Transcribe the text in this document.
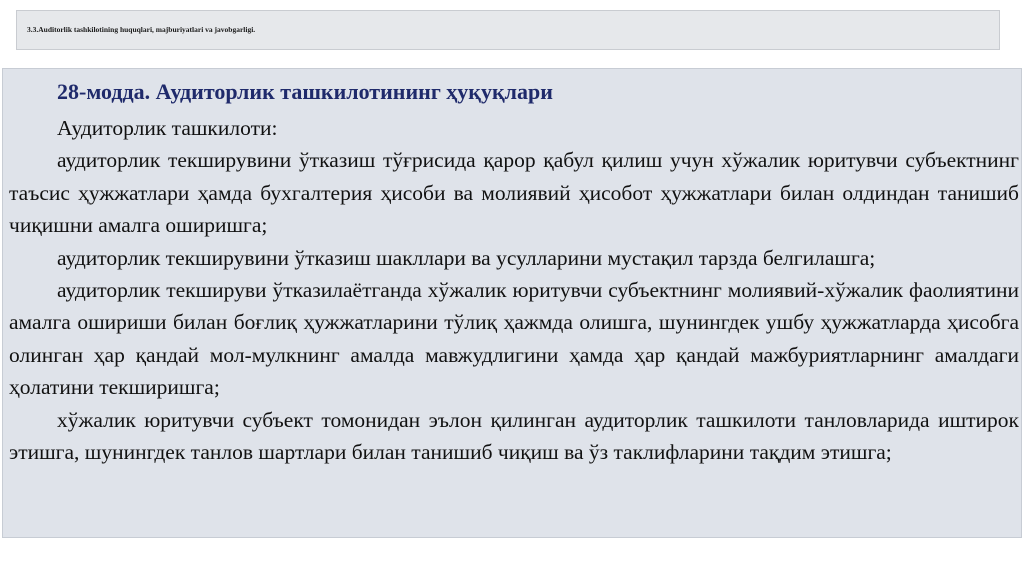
3.3.Auditorlik tashkilotining huquqlari, majburiyatlari va javobgarligi.
28-модда. Аудиторлик ташкилотининг ҳуқуқлари

Аудиторлик ташкилоти:

аудиторлик текширувини ўтказиш тўғрисида қарор қабул қилиш учун хўжалик юритувчи субъектнинг таъсис ҳужжатлари ҳамда бухгалтерия ҳисоби ва молиявий ҳисобот ҳужжатлари билан олдиндан танишиб чиқишни амалга оширишга;

аудиторлик текширувини ўтказиш шакллари ва усулларини мустақил тарзда белгилашга;

аудиторлик текшируви ўтказилаётганда хўжалик юритувчи субъектнинг молиявий-хўжалик фаолиятини амалга ошириши билан боғлиқ ҳужжатларини тўлиқ ҳажмда олишга, шунингдек ушбу ҳужжатларда ҳисобга олинган ҳар қандай мол-мулкнинг амалда мавжудлигини ҳамда ҳар қандай мажбуриятларнинг амалдаги ҳолатини текширишга;

хўжалик юритувчи субъект томонидан эълон қилинган аудиторлик ташкилоти танловларида иштирок этишга, шунингдек танлов шартлари билан танишиб чиқиш ва ўз таклифларини тақдим этишга;
